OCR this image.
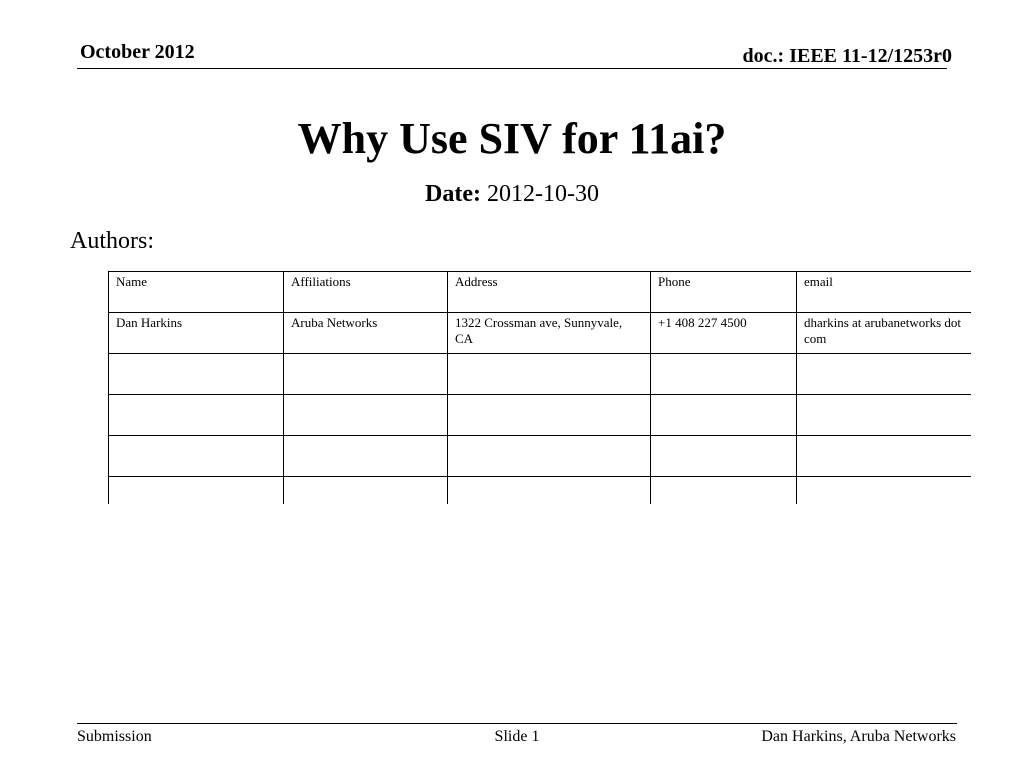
October 2012	doc.: IEEE 11-12/1253r0
Why Use SIV for 11ai?
Date: 2012-10-30
Authors:
Name	Affiliations	Address	Phone	email
Dan Harkins	Aruba Networks	1322 Crossman ave, Sunnyvale, CA	+1 408 227 4500	dharkins at arubanetworks dot com

Submission	Slide 1	Dan Harkins, Aruba Networks
